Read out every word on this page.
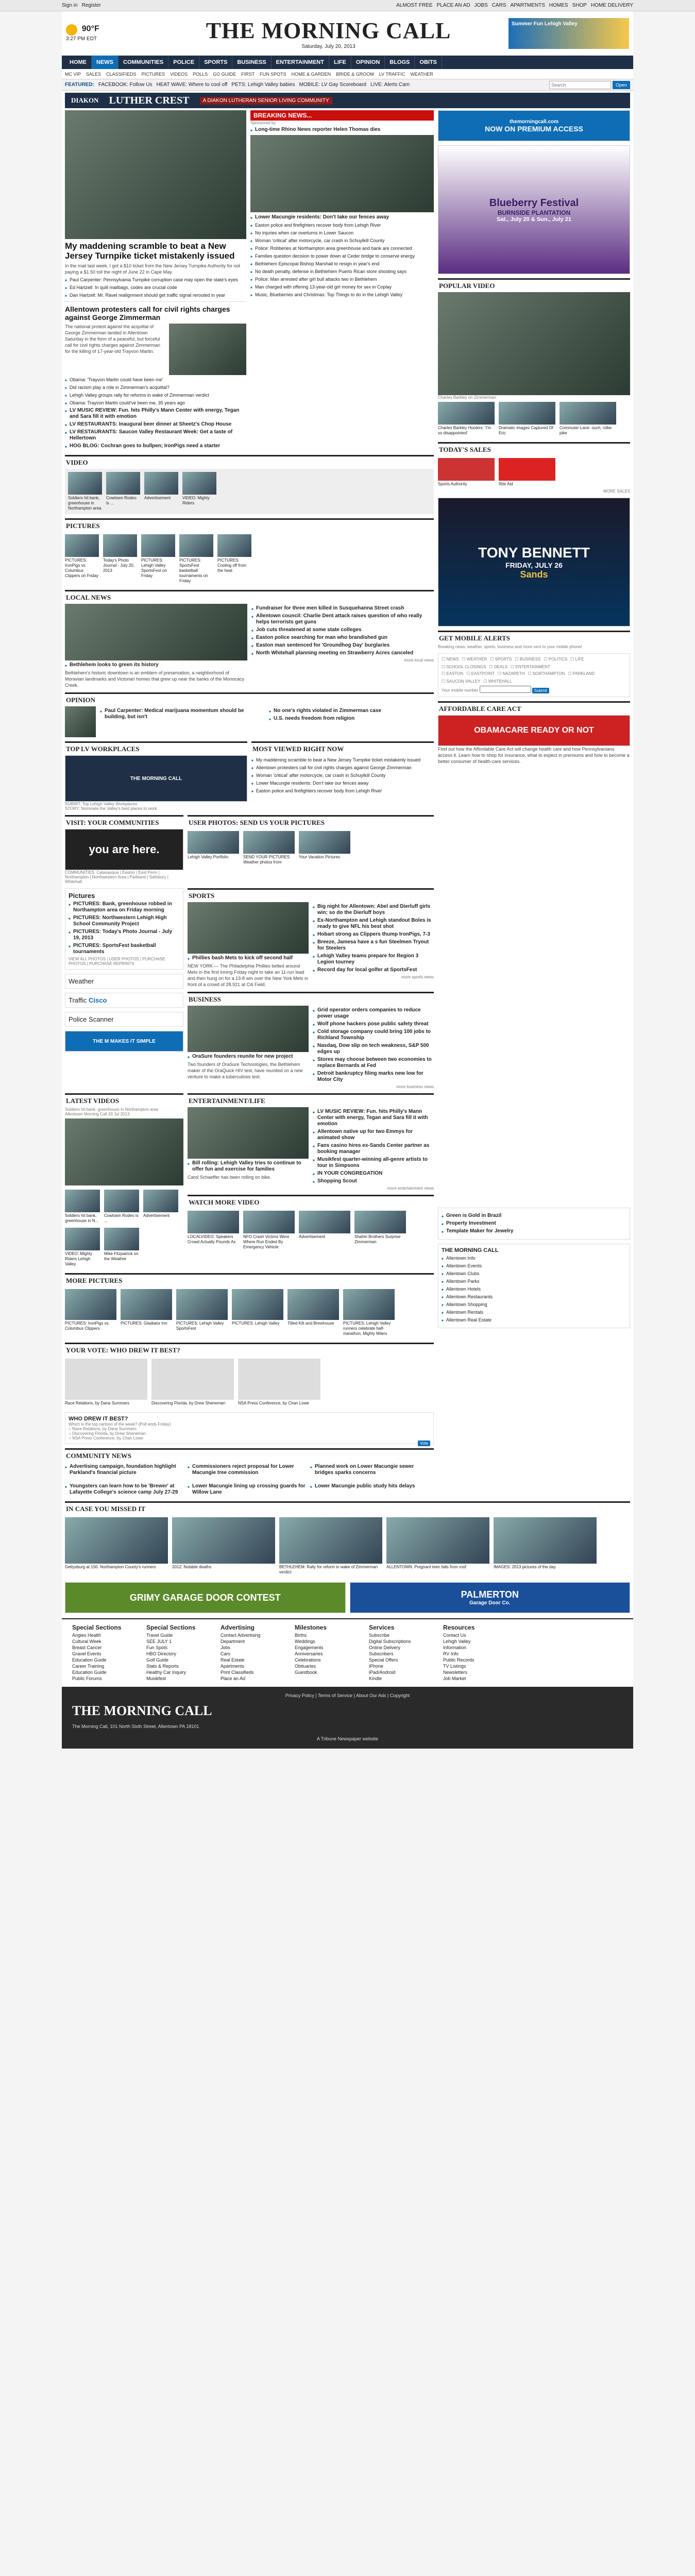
Sign in Register	ALMOST FREE PLACE AN AD JOBS CARS APARTMENTS HOMES SHOP HOME DELIVERY
90°F
3:27 PM EDT	THE MORNING CALL
Saturday, July 20, 2013
Summer Fun Lehigh Valley
HOME	NEWS	COMMUNITIES	POLICE	SPORTS	BUSINESS	ENTERTAINMENT	LIFE	OPINION	BLOGS	OBITS
MC VIP SALES CLASSIFIEDS PICTURES VIDEOS POLLS GO GUIDE FIRST FUN SPOTS HOME & GARDEN BRIDE & GROOM LV TRAFFIC WEATHER
FEATURED: FACEBOOK: Follow Us HEAT WAVE: Where to cool off PETS: Lehigh Valley babies MOBILE: LV Gay Scoreboard LIVE: Alerts Cam
Search	Open
DIAKON LUTHER CREST	A DIAKON LUTHERAN SENIOR LIVING COMMUNITY
My maddening scramble to beat a New Jersey Turnpike ticket mistakenly issued
In the mail last week, I got a $10 ticket from the New Jersey Turnpike Authority for not paying a $1.50 toll the night of June 22 in Cape May.
■ Paul Carpenter: Pennsylvania Turnpike corruption case may open the state's eyes
■ Ed Hartzell: In quill mailbags, codes are crucial code
■ Dan Hartzell: Mr. Ravel realignment should get traffic signal rerouted in year
Allentown protesters call for civil rights charges against George Zimmerman
The national protest against the acquittal of George Zimmerman landed in Allentown Saturday in the form of a peaceful, but forceful call for civil rights charges against Zimmerman for the killing of 17-year-old Trayvon Martin.
■ Obama: 'Trayvon Martin could have been me'
■ Did racism play a role in Zimmerman's acquittal?
■ Lehigh Valley groups rally for reforms in wake of Zimmerman verdict
■ Obama: Trayvon Martin could've been me, 35 years ago
■ LV MUSIC REVIEW: Fun. hits Philly's Mann Center with energy, Tegan and Sara fill it with emotion
■ LV RESTAURANTS: Inaugural beer dinner at Sheetz's Chop House
■ LV RESTAURANTS: Saucon Valley Restaurant Week: Get a taste of Hellertown
■ HOG BLOG: Cochran goes to bullpen; IronPigs need a starter
BREAKING NEWS...
Sponsored by
■ Long-time Rhino News reporter Helen Thomas dies
■ Lower Macungie residents: Don't take our fences away
■ Easton police and firefighters recover body from Lehigh River
■ No injuries when car overturns in Lower Saucon
■ Woman 'critical' after motorcycle, car crash in Schuylkill County
■ Police: Robberies at Northampton area greenhouse and bank are connected
■ Families question decision to power down at Ceder bridge to conserve energy
■ Bethlehem Episcopal Bishop Marshall to resign in year's end
■ No death penalty, defense in Bethlehem Puerto Rican store shooting says
■ Police: Man arrested after girl bull attacks two in Bethlehem
■ Man charged with offering 13-year-old girl money for sex in Coplay
■ Music, Blueberries and Christmas: Top Things to do in the Lehigh Valley
VIDEO
Soldiers hit bank, greenhouse in Northampton area
Cowtown Rodeo is ...
Advertisement	VIDEO: Mighty Riders
PICTURES
PICTURES: IronPigs vs. Columbus Clippers on Friday
Today's Photo Journal - July 20, 2013
PICTURES: Lehigh Valley SportsFest on Friday
PICTURES: SportsFest basketball tournaments on Friday
PICTURES: Cooling off from the heat
LOCAL NEWS
■ Bethlehem looks to green its history
Bethlehem's historic downtown is an emblem of preservation, a neighborhood of Moravian landmarks and Victorian homes that grew up near the banks of the Monocacy Creek.
■ Fundraiser for three men killed in Susquehanna Street crash
■ Allentown council: Charlie Dent attack raises question of who really helps terrorists get guns
■ Job cuts threatened at some state colleges
■ Easton police searching for man who brandished gun
■ Easton man sentenced for 'Groundhog Day' burglaries
■ North Whitehall planning meeting on Strawberry Acres canceled
more local news
OPINION
■ Paul Carpenter: Medical marijuana momentum should be building, but isn't
■ No one's rights violated in Zimmerman case
■ U.S. needs freedom from religion
TOP LV WORKPLACES
THE MORNING CALL
SUBMIT: Top Lehigh Valley Workplaces
STORY: Nominate the Valley's best places to work
MOST VIEWED RIGHT NOW
■ My maddening scramble to beat a New Jersey Turnpike ticket mistakenly issued
■ Allentown protesters call for civil rights charges against George Zimmerman
■ Woman 'critical' after motorcycle, car crash in Schuylkill County
■ Lower Macungie residents: Don't take our fences away
■ Easton police and firefighters recover body from Lehigh River
VISIT: YOUR COMMUNITIES
you are here.
COMMUNITIES: Catasauqua | Easton | East Penn | Northampton | Northwestern Area | Parkland | Salisbury | Whitehall
USER PHOTOS: SEND US YOUR PICTURES
Lehigh Valley Portfolio	SEND YOUR PICTURES Weather photos from
Your Vacation Pictures
Pictures
■ PICTURES: Bank, greenhouse robbed in Northampton area on Friday morning
■ PICTURES: Northwestern Lehigh High School Community Project
■ PICTURES: Today's Photo Journal - July 19, 2013
■ PICTURES: SportsFest basketball tournaments
VIEW ALL PHOTOS | USER PHOTOS | PURCHASE PHOTOS | PURCHASE REPRINTS
Weather
Traffic Cisco
Police Scanner
THE M MAKES IT SIMPLE
SPORTS
■ Phillies bash Mets to kick off second half
NEW YORK — The Philadelphia Phillies belted around Mets in the first inning Friday night to take an 11-run lead and then hung on for a 13-8 win over the New York Mets in front of a crowd of 28,921 at Citi Field.
■ Big night for Allentown: Abel and Dierluff girls win; so do the Dierluff boys
■ Ex-Northampton and Lehigh standout Boles is ready to give NFL his best shot
■ Hobart strong as Clippers thump IronPigs, 7-3
■ Breeze, Jamesa have a s fun Steelmen Tryout for Steelers
■ Lehigh Valley teams prepare for Region 3 Legion tourney
■ Record day for local golfer at SportsFest
more sports news
BUSINESS
■ OraSure founders reunite for new project
Two founders of OraSure Technologies, the Bethlehem maker of the OraQuick HIV test, have reunited on a new venture to make a tuberculosis test.
■ Grid operator orders companies to reduce power usage
■ Wolf phone hackers pose public safety threat
■ Cold storage company could bring 100 jobs to Richland Township
■ Nasdaq, Dow slip on tech weakness, S&P 500 edges up
■ Stores may choose between two economies to replace Bernards at Fed
■ Detroit bankruptcy filing marks new low for Motor City
more business news
LATEST VIDEOS
Soldiers hit bank, greenhouse in Northampton area
Allentown Morning Call 20 Jul 2013
Soldiers hit bank, greenhouse in N...
Cowtown Rodeo is ...
Advertisement
VIDEO: Mighty Riders Lehigh Valley
Mike Fitzpatrick on the Weather
ENTERTAINMENT/LIFE
■ Bill rolling: Lehigh Valley tries to continue to offer fun and exercise for families
Carol Schaeffer has been rolling on bike.
■ LV MUSIC REVIEW: Fun. hits Philly's Mann Center with energy, Tegan and Sara fill it with emotion
■ Allentown native up for two Emmys for animated show
■ Fans casino hires ex-Sands Center partner as booking manager
■ Musikfest quarter-winning all-genre artists to tour in Simpsons
■ IN YOUR CONGREGATION
■ Shopping Scout
more entertainment news
WATCH MORE VIDEO
LOCALVIDEO: Speakers Crowd Actually Pounds As
NFO Crash Victims Were Where Run Ended By Emergency Vehicle
Advertisement	Shahiri Brothers Surprise Zimmerman
MORE PICTURES
PICTURES: IronPigs vs. Columbus Clippers
PICTURES: Gladiator Inn	PICTURES: Lehigh Valley SportsFest
PICTURES: Lehigh Valley	Titled Kilt and Brewhouse	PICTURES: Lehigh Valley runners celebrate half-marathon, Mighty Milers
YOUR VOTE: WHO DREW IT BEST?
Race Relations, by Dana Summers	Discovering Florida, by Drew Sheneman	NSA Press Conference, by Chan Lowe
WHO DREW IT BEST?
Which is the top cartoon of the week? (Poll ends Friday)
○ Race Relations, by Dana Summers
○ Discovering Florida, by Drew Sheneman
○ NSA Press Conference, by Chan Lowe
Vote
COMMUNITY NEWS
■ Advertising campaign, foundation highlight Parkland's financial picture
■ Commissioners reject proposal for Lower Macungie tree commission
■ Planned work on Lower Macungie sewer bridges sparks concerns
■ Youngsters can learn how to be 'Brewer' at Lafayette College's science camp July 27-29
■ Lower Macungie lining up crossing guards for Willow Lane
■ Lower Macungie public study hits delays
themorningcall.com
NOW ON PREMIUM ACCESS
Blueberry Festival
BURNSIDE PLANTATION
Sat., July 20 & Sun., July 21
POPULAR VIDEO
Charles Barkley on Zimmerman:
Charles Barkley Hooters: 'I'm so disappointed'
Dramatic images Captured Of Eric
Commuter-Lane: ouch, roller pike
TODAY'S SALES
Sports Authority	Rite Aid
MORE SALES
TONY BENNETT
FRIDAY, JULY 26
Sands
GET MOBILE ALERTS
Breaking news, weather, sports, business and more sent to your mobile phone!
☐ NEWS ☐ WEATHER ☐ SPORTS ☐ BUSINESS ☐ POLITICS ☐ LIFE
☐ SCHOOL CLOSINGS ☐ DEALS ☐ ENTERTAINMENT
☐ EASTON ☐ EASTPOINT ☐ NAZARETH ☐ NORTHAMPTON ☐ PARKLAND
☐ SAUCON VALLEY ☐ WHITEHALL
Your mobile number	Submit
AFFORDABLE CARE ACT
OBAMACARE READY OR NOT
Find out how the Affordable Care Act will change health care and how Pennsylvanians access it. Learn how to shop for insurance, what to expect in premiums and how to become a better consumer of health-care services.
■ Green is Gold in Brazil
■ Property Investment
■ Template Maker for Jewelry
THE MORNING CALL
■ Allentown Info
■ Allentown Events
■ Allentown Clubs
■ Allentown Parks
■ Allentown Hotels
■ Allentown Restaurants
■ Allentown Shopping
■ Allentown Rentals
■ Allentown Real Estate
IN CASE YOU MISSED IT
Gettysburg at 150: Northampton County's runners	2012: Notable deaths	BETHLEHEM: Rally for reform in wake of Zimmerman verdict
ALLENTOWN: Pregnant teen falls from roof	IMAGES: 2013 pictures of the day
GRIMY GARAGE DOOR CONTEST	PALMERTON
Garage Door Co.
Special Sections
Angies Health
Cultural Week
Breast Cancer
Gravel Events
Education Guide
Career Training
Education Guide
Public Forums
Special Sections
Travel Guide
SEE JULY 1
Fun Spots
HBO Directory
Golf Guide
Stats & Reports
Healthy Car Inquiry
Musikfest
Advertising
Contact Advertising
Department
Jobs
Cars
Real Estate
Apartments
Print Classifieds
Place an Ad
Milestones
Births
Weddings
Engagements
Anniversaries
Celebrations
Obituaries
Guestbook
Services
Subscribe
Digital Subscriptions
Online Delivery
Subscribers
Special Offers
iPhone
iPad/Android
Kindle
Resources
Contact Us
Lehigh Valley
Information
RV Info
Public Records
TV Listings
Newsletters
Job Market
Privacy Policy | Terms of Service | About Our Ads | Copyright
THE MORNING CALL
The Morning Call, 101 North Sixth Street, Allentown PA 18101
A Tribune Newspaper website
